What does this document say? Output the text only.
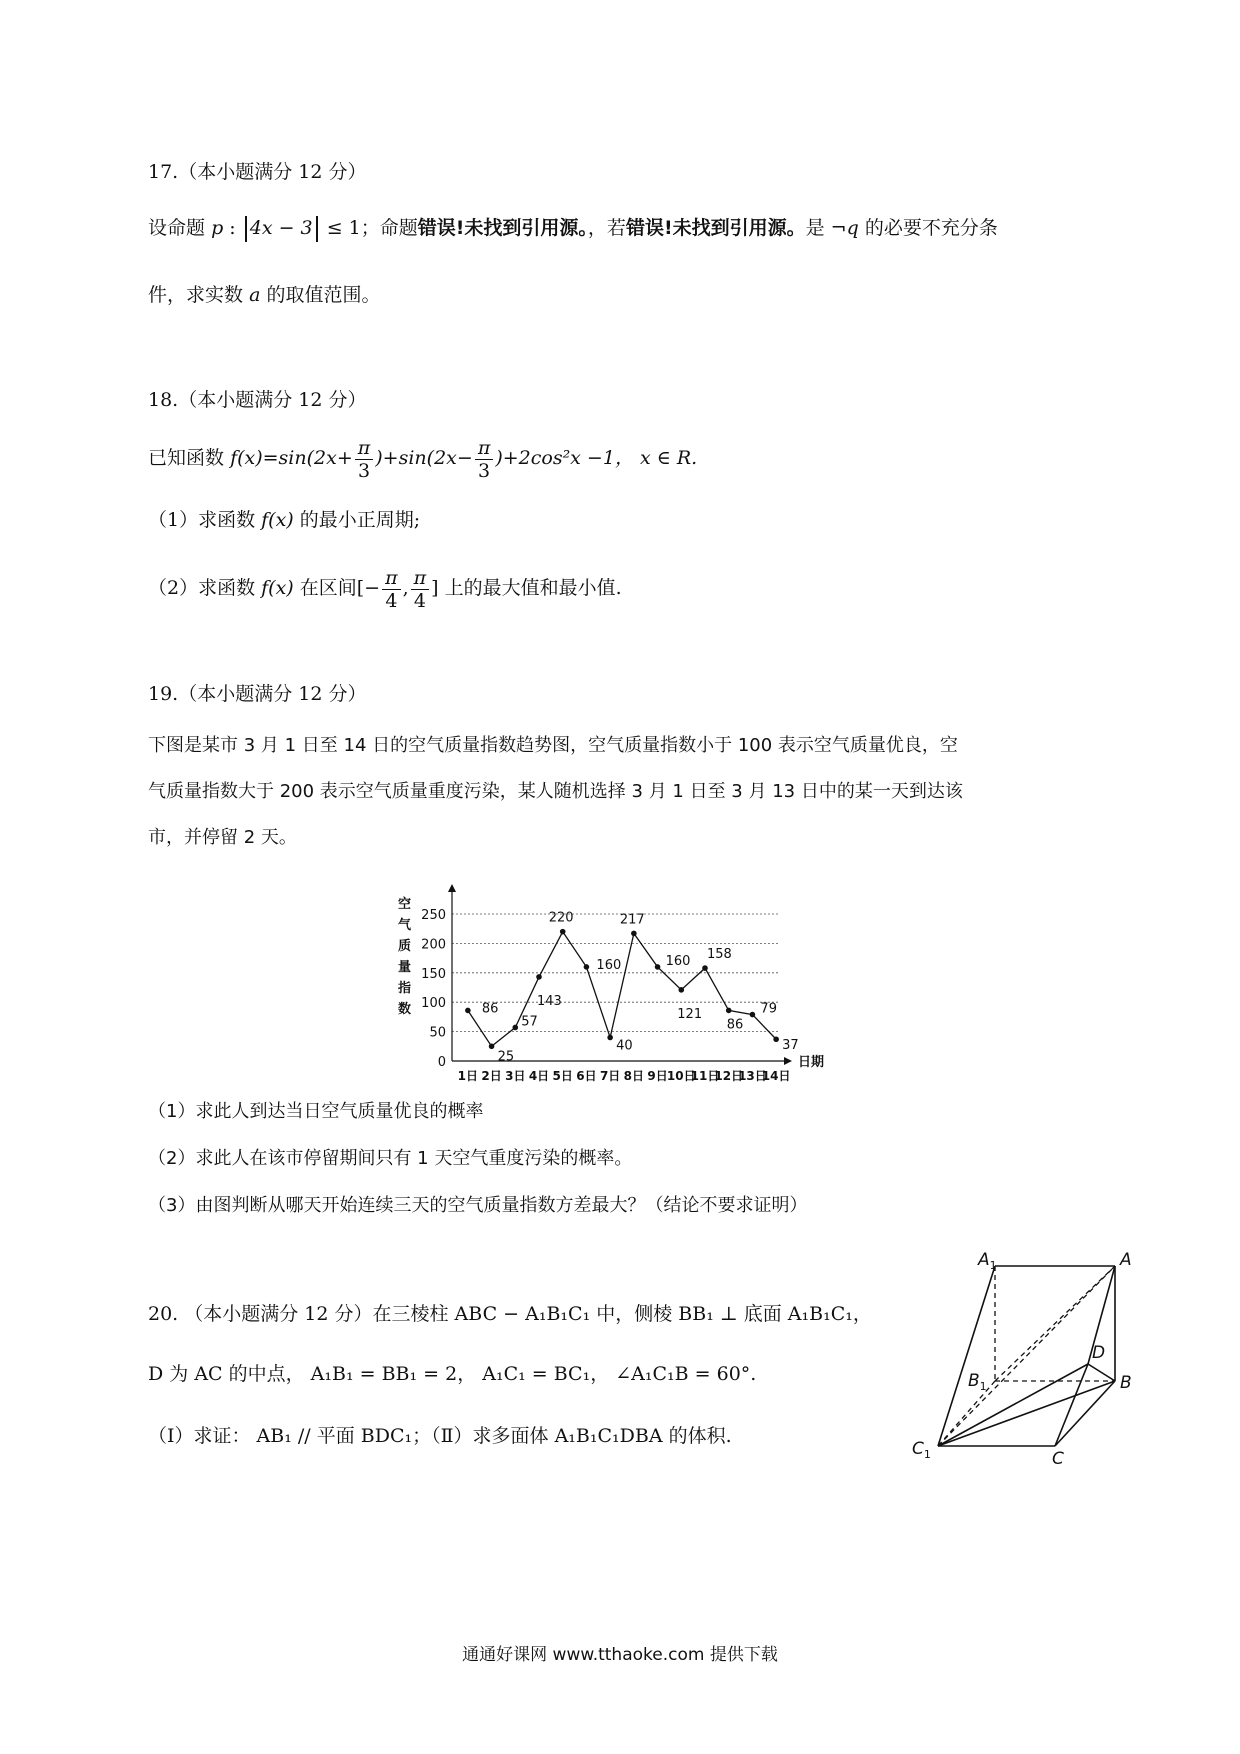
17.（本小题满分 12 分）
设命题 p : 4x − 3 ≤ 1；命题错误!未找到引用源。，若错误!未找到引用源。是 ¬q 的必要不充分条
件，求实数 a 的取值范围。
18.（本小题满分 12 分）
已知函数 $f(x)=\sin(2x+ \frac{\pi}{3} )+\sin(2x- \frac{\pi}{3} )+2\cos^2x -1$， x ∈ R.
（1）求函数 f(x) 的最小正周期;
（2）求函数 f(x) 在区间[− $\frac{\pi}{4}$ , $\frac{\pi}{4}$ ] 上的最大值和最小值.
19.（本小题满分 12 分）
下图是某市 3 月 1 日至 14 日的空气质量指数趋势图，空气质量指数小于 100 表示空气质量优良，空
气质量指数大于 200 表示空气质量重度污染，某人随机选择 3 月 1 日至 3 月 13 日中的某一天到达该
市，并停留 2 天。
空
气
质
量
指
数
0
50
100
150
200
250
日期
1日 2日 3日 4日 5日 6日 7日 8日 9日 10日
11日
12日
13日
14日
86
25
57
143
220
160
40
217
160
121
158
86
79
37
（1）求此人到达当日空气质量优良的概率
（2）求此人在该市停留期间只有 1 天空气重度污染的概率。
（3）由图判断从哪天开始连续三天的空气质量指数方差最大？（结论不要求证明）
20. （本小题满分 12 分）在三棱柱 ABC − A₁B₁C₁ 中，侧棱 BB₁ ⊥ 底面 A₁B₁C₁，
D 为 AC 的中点， A₁B₁ = BB₁ = 2， A₁C₁ = BC₁， ∠A₁C₁B = 60°.
（Ⅰ）求证： AB₁ // 平面 BDC₁；（Ⅱ）求多面体 A₁B₁C₁DBA 的体积.
$A_1$	A
D
$B_1$	B
$C_1$	C
通通好课网 www.tthaoke.com 提供下载
